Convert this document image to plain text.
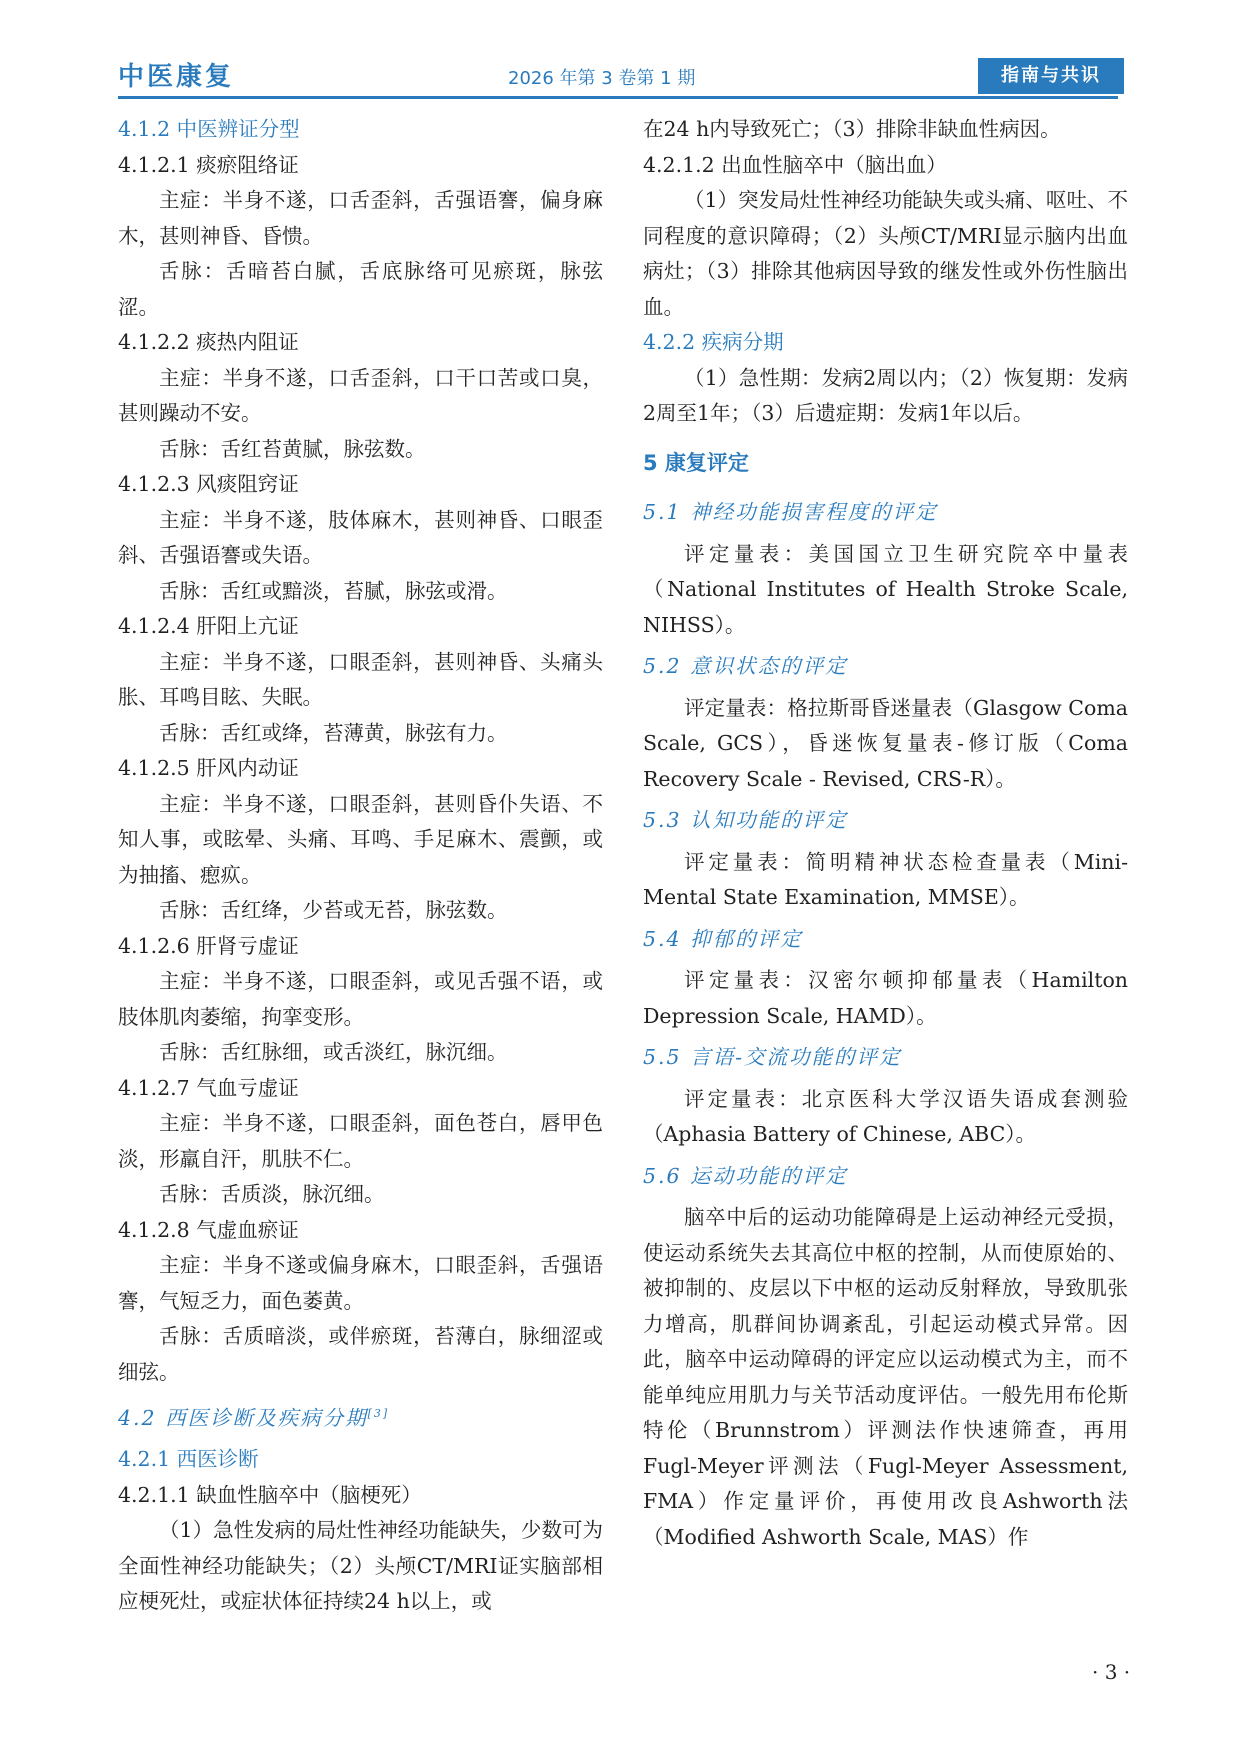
中医康复	2026 年第 3 卷第 1 期	指南与共识

4.1.2 中医辨证分型

4.1.2.1 痰瘀阻络证

主症：半身不遂，口舌歪斜，舌强语謇，偏身麻木，甚则神昏、昏愦。

舌脉：舌暗苔白腻，舌底脉络可见瘀斑，脉弦涩。

4.1.2.2 痰热内阻证

主症：半身不遂，口舌歪斜，口干口苦或口臭，甚则躁动不安。

舌脉：舌红苔黄腻，脉弦数。

4.1.2.3 风痰阻窍证

主症：半身不遂，肢体麻木，甚则神昏、口眼歪斜、舌强语謇或失语。

舌脉：舌红或黯淡，苔腻，脉弦或滑。

4.1.2.4 肝阳上亢证

主症：半身不遂，口眼歪斜，甚则神昏、头痛头胀、耳鸣目眩、失眠。

舌脉：舌红或绛，苔薄黄，脉弦有力。

4.1.2.5 肝风内动证

主症：半身不遂，口眼歪斜，甚则昏仆失语、不知人事，或眩晕、头痛、耳鸣、手足麻木、震颤，或为抽搐、瘛疭。

舌脉：舌红绛，少苔或无苔，脉弦数。

4.1.2.6 肝肾亏虚证

主症：半身不遂，口眼歪斜，或见舌强不语，或肢体肌肉萎缩，拘挛变形。

舌脉：舌红脉细，或舌淡红，脉沉细。

4.1.2.7 气血亏虚证

主症：半身不遂，口眼歪斜，面色苍白，唇甲色淡，形羸自汗，肌肤不仁。

舌脉：舌质淡，脉沉细。

4.1.2.8 气虚血瘀证

主症：半身不遂或偏身麻木，口眼歪斜，舌强语謇，气短乏力，面色萎黄。

舌脉：舌质暗淡，或伴瘀斑，苔薄白，脉细涩或细弦。

4.2 西医诊断及疾病分期[3]

4.2.1 西医诊断

4.2.1.1 缺血性脑卒中（脑梗死）

（1）急性发病的局灶性神经功能缺失，少数可为全面性神经功能缺失；（2）头颅CT/MRI证实脑部相应梗死灶，或症状体征持续24 h以上，或

在24 h内导致死亡；（3）排除非缺血性病因。

4.2.1.2 出血性脑卒中（脑出血）

（1）突发局灶性神经功能缺失或头痛、呕吐、不同程度的意识障碍；（2）头颅CT/MRI显示脑内出血病灶；（3）排除其他病因导致的继发性或外伤性脑出血。

4.2.2 疾病分期

（1）急性期：发病2周以内；（2）恢复期：发病2周至1年；（3）后遗症期：发病1年以后。

5 康复评定

5.1 神经功能损害程度的评定

评定量表：美国国立卫生研究院卒中量表（National Institutes of Health Stroke Scale, NIHSS）。

5.2 意识状态的评定

评定量表：格拉斯哥昏迷量表（Glasgow Coma Scale, GCS），昏迷恢复量表-修订版（Coma Recovery Scale - Revised, CRS-R）。

5.3 认知功能的评定

评定量表：简明精神状态检查量表（Mini-Mental State Examination, MMSE）。

5.4 抑郁的评定

评定量表：汉密尔顿抑郁量表（Hamilton Depression Scale, HAMD）。

5.5 言语-交流功能的评定

评定量表：北京医科大学汉语失语成套测验（Aphasia Battery of Chinese, ABC）。

5.6 运动功能的评定

脑卒中后的运动功能障碍是上运动神经元受损，使运动系统失去其高位中枢的控制，从而使原始的、被抑制的、皮层以下中枢的运动反射释放，导致肌张力增高，肌群间协调紊乱，引起运动模式异常。因此，脑卒中运动障碍的评定应以运动模式为主，而不能单纯应用肌力与关节活动度评估。一般先用布伦斯特伦（Brunnstrom）评测法作快速筛查，再用Fugl-Meyer评测法（Fugl-Meyer Assessment, FMA）作定量评价，再使用改良Ashworth法（Modified Ashworth Scale, MAS）作

· 3 ·
